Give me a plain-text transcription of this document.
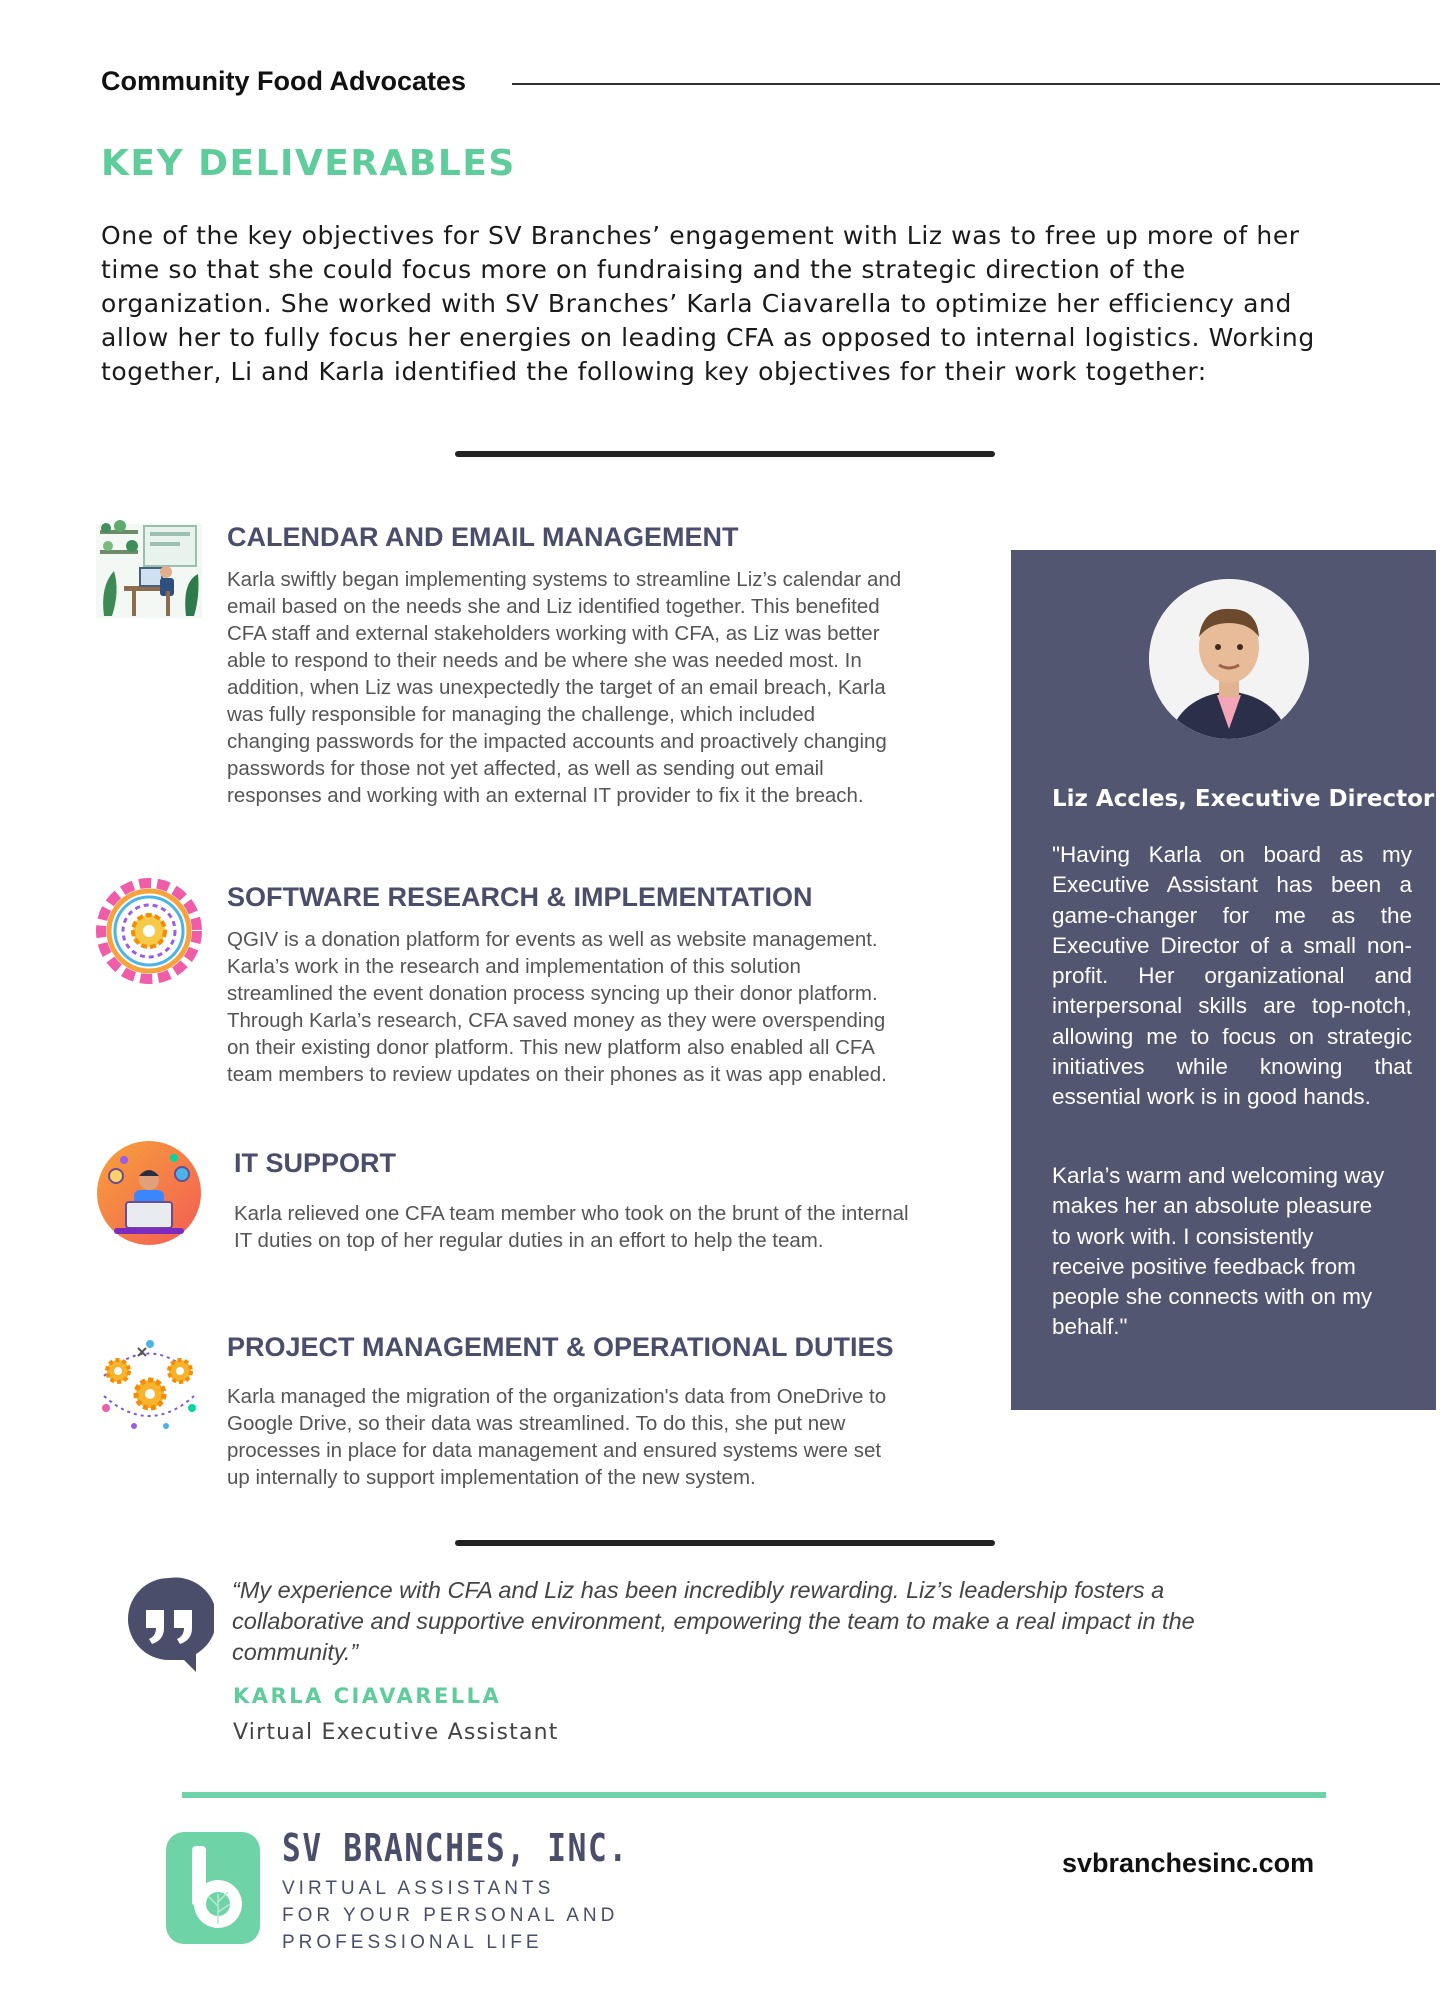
Community Food Advocates
KEY DELIVERABLES
One of the key objectives for SV Branches’ engagement with Liz was to free up more of her
time so that she could focus more on fundraising and the strategic direction of the
organization. She worked with SV Branches’ Karla Ciavarella to optimize her efficiency and
allow her to fully focus her energies on leading CFA as opposed to internal logistics. Working
together, Li and Karla identified the following key objectives for their work together:
CALENDAR AND EMAIL MANAGEMENT
Karla swiftly began implementing systems to streamline Liz’s calendar and
email based on the needs she and Liz identified together. This benefited
CFA staff and external stakeholders working with CFA, as Liz was better
able to respond to their needs and be where she was needed most. In
addition, when Liz was unexpectedly the target of an email breach, Karla
was fully responsible for managing the challenge, which included
changing passwords for the impacted accounts and proactively changing
passwords for those not yet affected, as well as sending out email
responses and working with an external IT provider to fix it the breach.
SOFTWARE RESEARCH & IMPLEMENTATION
QGIV is a donation platform for events as well as website management.
Karla’s work in the research and implementation of this solution
streamlined the event donation process syncing up their donor platform.
Through Karla’s research, CFA saved money as they were overspending
on their existing donor platform. This new platform also enabled all CFA
team members to review updates on their phones as it was app enabled.
IT SUPPORT
Karla relieved one CFA team member who took on the brunt of the internal
IT duties on top of her regular duties in an effort to help the team.
PROJECT MANAGEMENT & OPERATIONAL DUTIES
Karla managed the migration of the organization's data from OneDrive to
Google Drive, so their data was streamlined. To do this, she put new
processes in place for data management and ensured systems were set
up internally to support implementation of the new system.
Liz Accles, Executive Director
"Having Karla on board as my Executive Assistant has been a game-changer for me as the Executive Director of a small non-profit. Her organizational and interpersonal skills are top-notch, allowing me to focus on strategic initiatives while knowing that essential work is in good hands.
Karla’s warm and welcoming way
makes her an absolute pleasure
to work with. I consistently
receive positive feedback from
people she connects with on my
behalf."
“My experience with CFA and Liz has been incredibly rewarding. Liz’s leadership fosters a
collaborative and supportive environment, empowering the team to make a real impact in the
community.”
KARLA CIAVARELLA
Virtual Executive Assistant
SV BRANCHES, INC.
VIRTUAL ASSISTANTS
FOR YOUR PERSONAL AND
PROFESSIONAL LIFE
svbranchesinc.com
